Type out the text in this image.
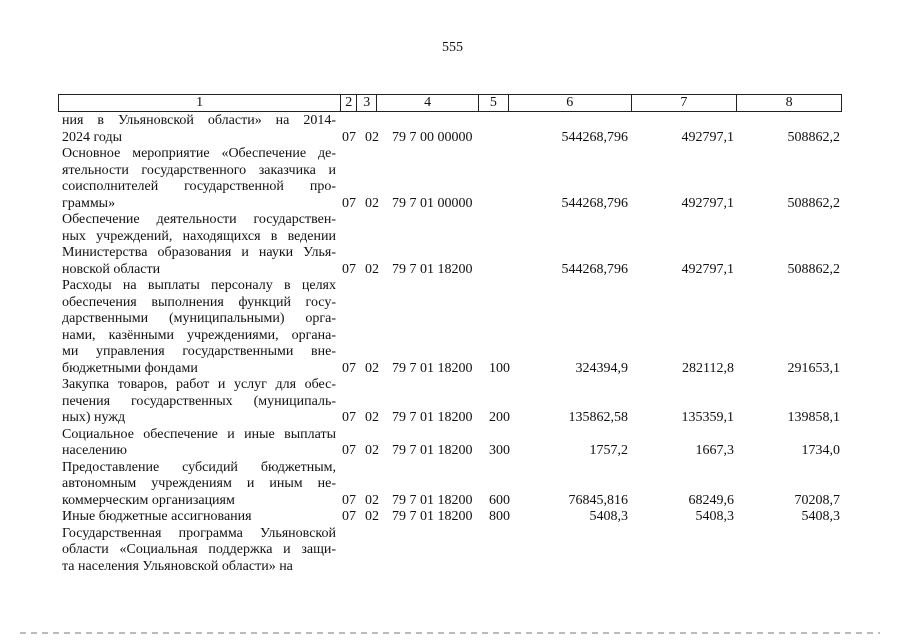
555
1	2 3	4	5	6	7	8
ния в Ульяновской области» на 2014-
2024 годы	07 02 79 7 00 00000	544268,796	492797,1	508862,2
Основное мероприятие «Обеспечение де-
ятельности государственного заказчика и
соисполнителей государственной про-
граммы»	07 02 79 7 01 00000	544268,796	492797,1	508862,2
Обеспечение деятельности государствен-
ных учреждений, находящихся в ведении
Министерства образования и науки Улья-
новской области	07 02 79 7 01 18200	544268,796	492797,1	508862,2
Расходы на выплаты персоналу в целях
обеспечения выполнения функций госу-
дарственными (муниципальными) орга-
нами, казёнными учреждениями, органа-
ми управления государственными вне-
бюджетными фондами	07 02 79 7 01 18200 100	324394,9	282112,8	291653,1
Закупка товаров, работ и услуг для обес-
печения государственных (муниципаль-
ных) нужд	07 02 79 7 01 18200 200	135862,58	135359,1	139858,1
Социальное обеспечение и иные выплаты
населению	07 02 79 7 01 18200 300	1757,2	1667,3	1734,0
Предоставление субсидий бюджетным,
автономным учреждениям и иным не-
коммерческим организациям	07 02 79 7 01 18200 600	76845,816	68249,6	70208,7
Иные бюджетные ассигнования	07 02 79 7 01 18200 800	5408,3	5408,3	5408,3
Государственная программа Ульяновской
области «Социальная поддержка и защи-
та населения Ульяновской области» на
